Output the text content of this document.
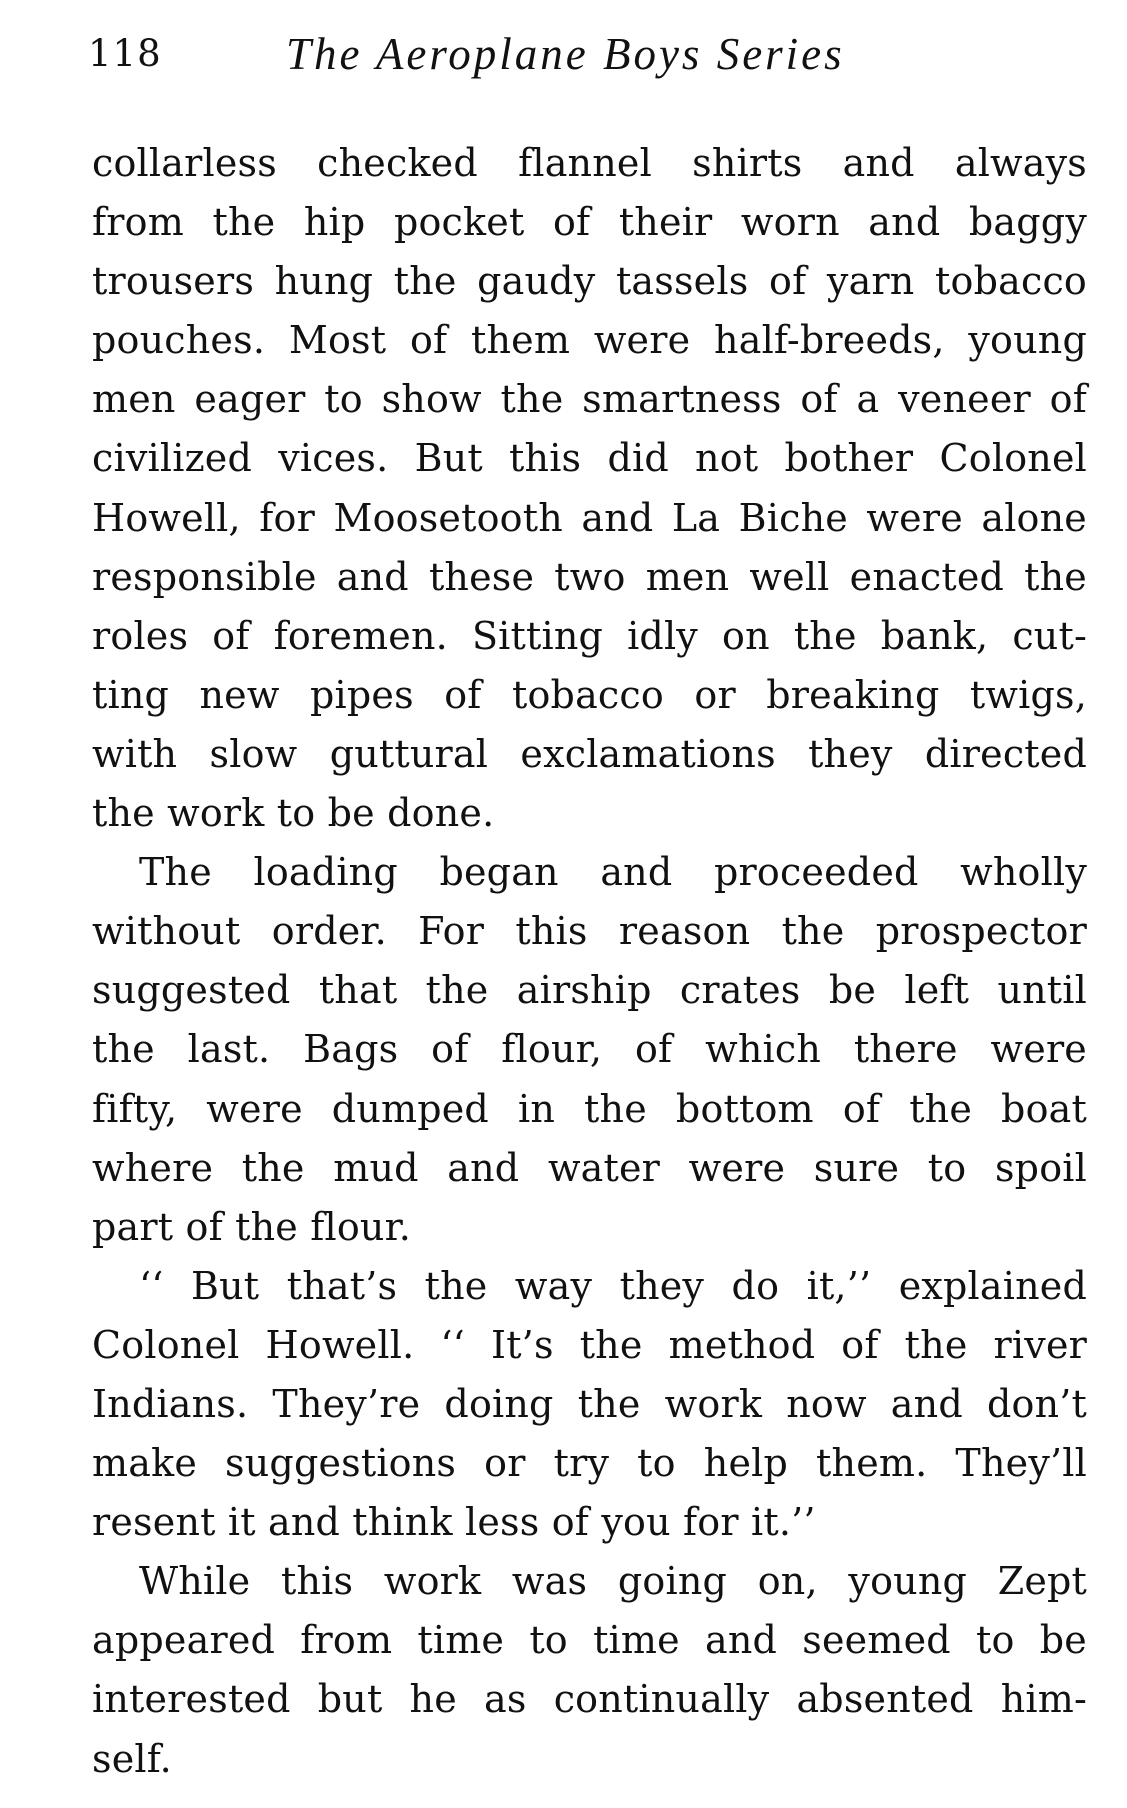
118	The Aeroplane Boys Series
collarless checked flannel shirts and always
from the hip pocket of their worn and baggy
trousers hung the gaudy tassels of yarn tobacco
pouches. Most of them were half-breeds, young
men eager to show the smartness of a veneer of
civilized vices. But this did not bother Colonel
Howell, for Moosetooth and La Biche were alone
responsible and these two men well enacted the
roles of foremen. Sitting idly on the bank, cut-
ting new pipes of tobacco or breaking twigs,
with slow guttural exclamations they directed
the work to be done.
The loading began and proceeded wholly
without order. For this reason the prospector
suggested that the airship crates be left until
the last. Bags of flour, of which there were
fifty, were dumped in the bottom of the boat
where the mud and water were sure to spoil
part of the flour.
‘‘ But that’s the way they do it,’’ explained
Colonel Howell. ‘‘ It’s the method of the river
Indians. They’re doing the work now and don’t
make suggestions or try to help them. They’ll
resent it and think less of you for it.’’
While this work was going on, young Zept
appeared from time to time and seemed to be
interested but he as continually absented him-
self.
